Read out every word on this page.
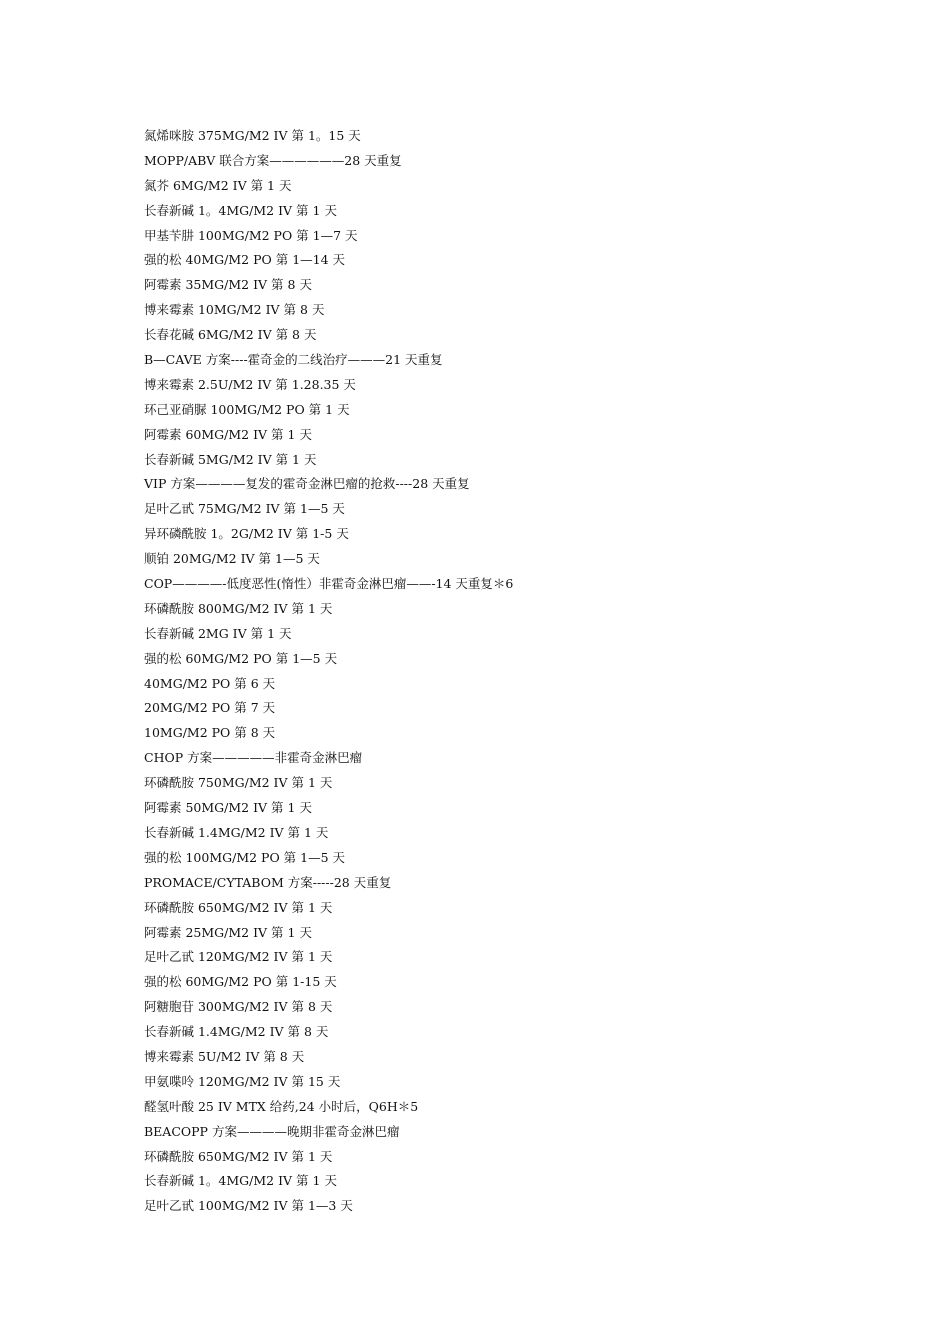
氮烯咪胺 375MG/M2 IV 第 1。15 天
MOPP/ABV 联合方案——————28 天重复
氮芥 6MG/M2 IV 第 1 天
长春新碱 1。4MG/M2 IV 第 1 天
甲基苄肼 100MG/M2 PO 第 1—7 天
强的松 40MG/M2 PO 第 1—14 天
阿霉素 35MG/M2 IV 第 8 天
博来霉素 10MG/M2 IV 第 8 天
长春花碱 6MG/M2 IV 第 8 天
B—CAVE 方案----霍奇金的二线治疗———21 天重复
博来霉素 2.5U/M2 IV 第 1.28.35 天
环己亚硝脲 100MG/M2 PO 第 1 天
阿霉素 60MG/M2 IV 第 1 天
长春新碱 5MG/M2 IV 第 1 天
VIP 方案————复发的霍奇金淋巴瘤的抢救----28 天重复
足叶乙甙 75MG/M2 IV 第 1—5 天
异环磷酰胺 1。2G/M2 IV 第 1-5 天
顺铂 20MG/M2 IV 第 1—5 天
COP————-低度恶性(惰性）非霍奇金淋巴瘤——-14 天重复＊6
环磷酰胺 800MG/M2 IV 第 1 天
长春新碱 2MG IV 第 1 天
强的松 60MG/M2 PO 第 1—5 天
40MG/M2 PO 第 6 天
20MG/M2 PO 第 7 天
10MG/M2 PO 第 8 天
CHOP 方案—————非霍奇金淋巴瘤
环磷酰胺 750MG/M2 IV 第 1 天
阿霉素 50MG/M2 IV 第 1 天
长春新碱 1.4MG/M2 IV 第 1 天
强的松 100MG/M2 PO 第 1—5 天
PROMACE/CYTABOM 方案-----28 天重复
环磷酰胺 650MG/M2 IV 第 1 天
阿霉素 25MG/M2 IV 第 1 天
足叶乙甙 120MG/M2 IV 第 1 天
强的松 60MG/M2 PO 第 1-15 天
阿糖胞苷 300MG/M2 IV 第 8 天
长春新碱 1.4MG/M2 IV 第 8 天
博来霉素 5U/M2 IV 第 8 天
甲氨喋呤 120MG/M2 IV 第 15 天
醛氢叶酸 25 IV MTX 给药,24 小时后，Q6H＊5
BEACOPP 方案————晚期非霍奇金淋巴瘤
环磷酰胺 650MG/M2 IV 第 1 天
长春新碱 1。4MG/M2 IV 第 1 天
足叶乙甙 100MG/M2 IV 第 1—3 天
